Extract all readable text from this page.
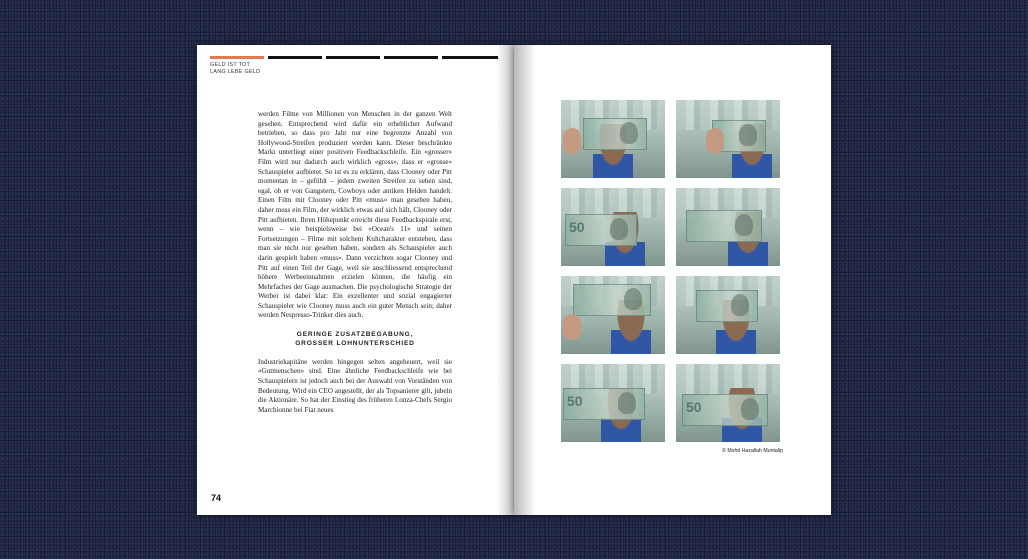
GELD IST TOT
LANG LEBE GELD

werden Filme von Millionen von Menschen in der ganzen Welt gesehen. Entsprechend wird dafür ein erheblicher Aufwand betrieben, so dass pro Jahr nur eine begrenzte Anzahl von Hollywood-Streifen produziert werden kann. Dieser beschränkte Markt unterliegt einer positiven Feedbackschleife. Ein «grosser» Film wird nur dadurch auch wirklich «gross», dass er «grosse» Schauspieler aufbietet. So ist es zu erklären, dass Clooney oder Pitt momentan in – gefühlt – jedem zweiten Streifen zu sehen sind, egal, ob er von Gangstern, Cowboys oder antiken Helden handelt. Einen Film mit Clooney oder Pitt «muss» man gesehen haben, daher muss ein Film, der wirklich etwas auf sich hält, Clooney oder Pitt aufbieten. Ihren Höhepunkt erreicht diese Feedbackspirale erst, wenn – wie beispielsweise bei «Ocean's 11» und seinen Fortsetzungen – Filme mit solchem Kultcharakter entstehen, dass man sie nicht nur gesehen haben, sondern als Schauspieler auch darin gespielt haben «muss». Dann verzichten sogar Clooney und Pitt auf einen Teil der Gage, weil sie anschliessend entsprechend höhere Werbeeinnahmen erzielen können, die häufig ein Mehrfaches der Gage ausmachen. Die psychologische Strategie der Werber ist dabei klar: Ein exzellenter und sozial engagierter Schauspieler wie Clooney muss auch ein guter Mensch sein; daher werden Nespresso-Trinker dies auch.

GERINGE ZUSATZBEGABUNG,
GROSSER LOHNUNTERSCHIED

Industriekapitäne werden hingegen selten angeheuert, weil sie «Gutmenschen» sind. Eine ähnliche Feedbackschleife wie bei Schauspielern ist jedoch auch bei der Auswahl von Vorständen von Bedeutung. Wird ein CEO angestellt, der als Topsanierer gilt, jubeln die Aktionäre. So hat der Einstieg des früheren Lonza-Chefs Sergio Marchionne bei Fiat neues

74
50
50	50
© Mohd Hazallah Muntalip
